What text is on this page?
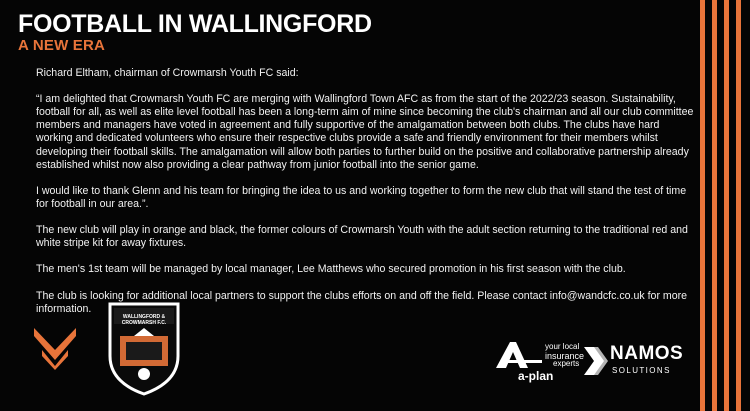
FOOTBALL IN WALLINGFORD
A NEW ERA

Richard Eltham, chairman of Crowmarsh Youth FC said:

“I am delighted that Crowmarsh Youth FC are merging with Wallingford Town AFC as from the start of the 2022/23 season. Sustainability, football for all, as well as elite level football has been a long-term aim of mine since becoming the club's chairman and all our club committee members and managers have voted in agreement and fully supportive of the amalgamation between both clubs. The clubs have hard working and dedicated volunteers who ensure their respective clubs provide a safe and friendly environment for their members whilst developing their football skills. The amalgamation will allow both parties to further build on the positive and collaborative partnership already established whilst now also providing a clear pathway from junior football into the senior game.

I would like to thank Glenn and his team for bringing the idea to us and working together to form the new club that will stand the test of time for football in our area.”.

The new club will play in orange and black, the former colours of Crowmarsh Youth with the adult section returning to the traditional red and white stripe kit for away fixtures.

The men's 1st team will be managed by local manager, Lee Matthews who secured promotion in his first season with the club.

The club is looking for additional local partners to support the clubs efforts on and off the field. Please contact info@wandcfc.co.uk for more information.

WALLINGFORD & CROWMARSH F.C.
your local
insurance
experts
a-plan
NAMOS
SOLUTIONS
